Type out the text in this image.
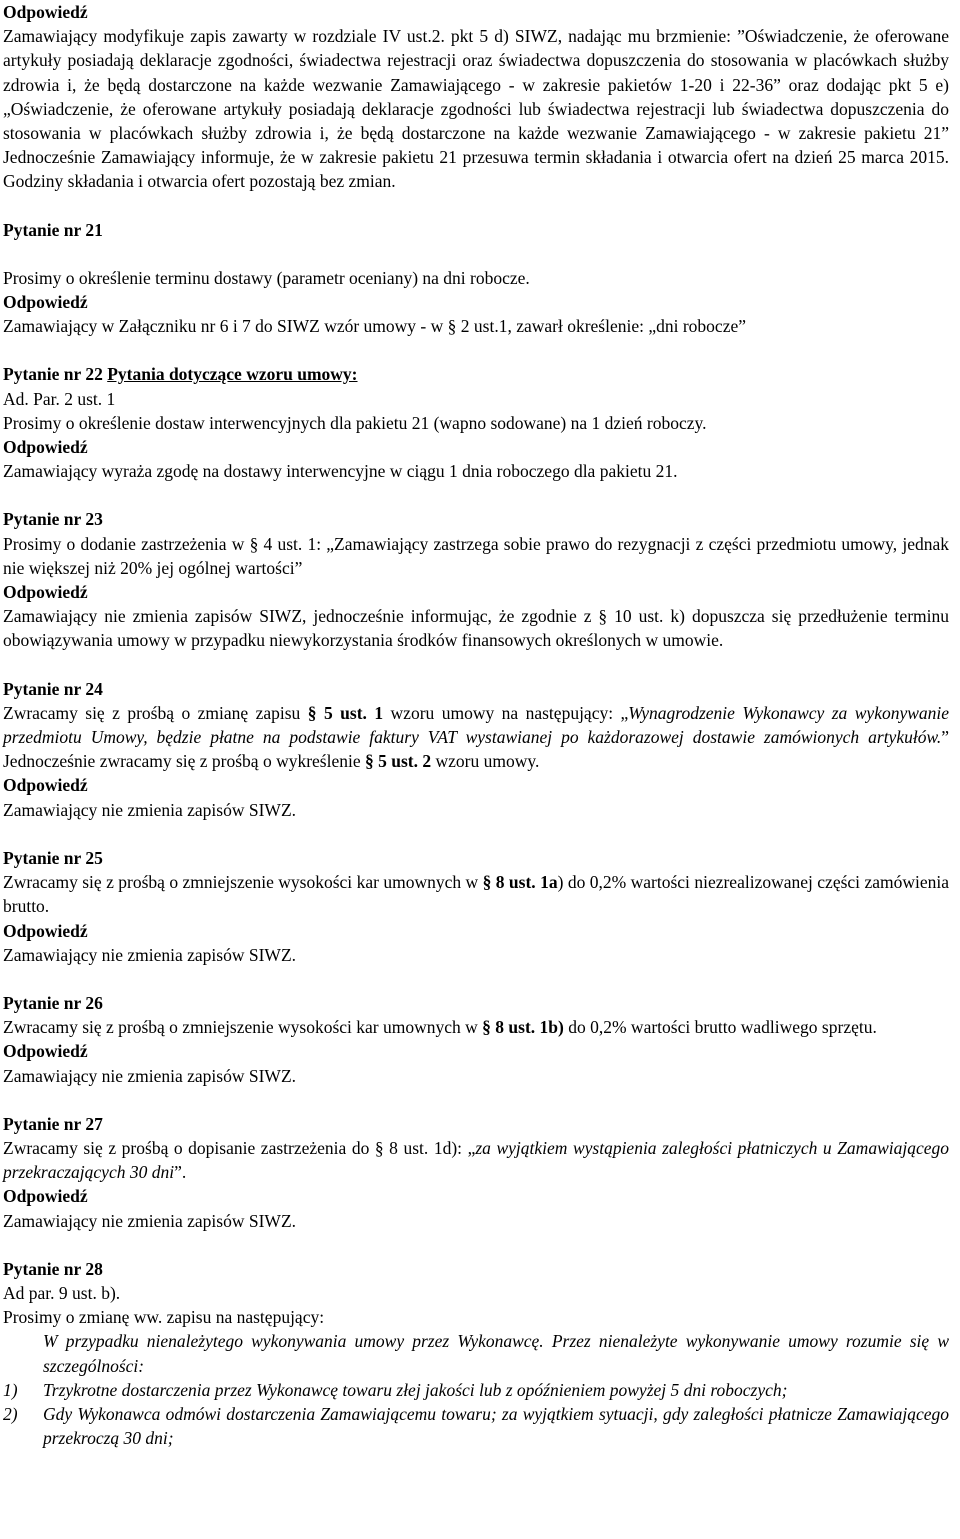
Odpowiedź

Zamawiający modyfikuje zapis zawarty w rozdziale IV ust.2. pkt 5 d) SIWZ, nadając mu brzmienie: ”Oświadczenie, że oferowane artykuły posiadają deklaracje zgodności, świadectwa rejestracji oraz świadectwa dopuszczenia do stosowania w placówkach służby zdrowia i, że będą dostarczone na każde wezwanie Zamawiającego - w zakresie pakietów 1-20 i 22-36” oraz dodając pkt 5 e) „Oświadczenie, że oferowane artykuły posiadają deklaracje zgodności lub świadectwa rejestracji lub świadectwa dopuszczenia do stosowania w placówkach służby zdrowia i, że będą dostarczone na każde wezwanie Zamawiającego - w zakresie pakietu 21” Jednocześnie Zamawiający informuje, że w zakresie pakietu 21 przesuwa termin składania i otwarcia ofert na dzień 25 marca 2015. Godziny składania i otwarcia ofert pozostają bez zmian.

Pytanie nr 21

Prosimy o określenie terminu dostawy (parametr oceniany) na dni robocze.

Odpowiedź

Zamawiający w Załączniku nr 6 i 7 do SIWZ wzór umowy - w § 2 ust.1, zawarł określenie: „dni robocze”

Pytanie nr 22 Pytania dotyczące wzoru umowy:

Ad. Par. 2 ust. 1

Prosimy o określenie dostaw interwencyjnych dla pakietu 21 (wapno sodowane) na 1 dzień roboczy.

Odpowiedź

Zamawiający wyraża zgodę na dostawy interwencyjne w ciągu 1 dnia roboczego dla pakietu 21.

Pytanie nr 23

Prosimy o dodanie zastrzeżenia w § 4 ust. 1: „Zamawiający zastrzega sobie prawo do rezygnacji z części przedmiotu umowy, jednak nie większej niż 20% jej ogólnej wartości”

Odpowiedź

Zamawiający nie zmienia zapisów SIWZ, jednocześnie informując, że zgodnie z § 10 ust. k) dopuszcza się przedłużenie terminu obowiązywania umowy w przypadku niewykorzystania środków finansowych określonych w umowie.

Pytanie nr 24

Zwracamy się z prośbą o zmianę zapisu § 5 ust. 1 wzoru umowy na następujący: „Wynagrodzenie Wykonawcy za wykonywanie przedmiotu Umowy, będzie płatne na podstawie faktury VAT wystawianej po każdorazowej dostawie zamówionych artykułów.” Jednocześnie zwracamy się z prośbą o wykreślenie § 5 ust. 2 wzoru umowy.

Odpowiedź

Zamawiający nie zmienia zapisów SIWZ.

Pytanie nr 25

Zwracamy się z prośbą o zmniejszenie wysokości kar umownych w § 8 ust. 1a) do 0,2% wartości niezrealizowanej części zamówienia brutto.

Odpowiedź

Zamawiający nie zmienia zapisów SIWZ.

Pytanie nr 26

Zwracamy się z prośbą o zmniejszenie wysokości kar umownych w § 8 ust. 1b) do 0,2% wartości brutto wadliwego sprzętu.

Odpowiedź

Zamawiający nie zmienia zapisów SIWZ.

Pytanie nr 27

Zwracamy się z prośbą o dopisanie zastrzeżenia do § 8 ust. 1d): „za wyjątkiem wystąpienia zaległości płatniczych u Zamawiającego przekraczających 30 dni”.

Odpowiedź

Zamawiający nie zmienia zapisów SIWZ.

Pytanie nr 28

Ad par. 9 ust. b).

Prosimy o zmianę ww. zapisu na następujący:

W przypadku nienależytego wykonywania umowy przez Wykonawcę. Przez nienależyte wykonywanie umowy rozumie się w szczególności:

1)	Trzykrotne dostarczenia przez Wykonawcę towaru złej jakości lub z opóźnieniem powyżej 5 dni roboczych;
2)	Gdy Wykonawca odmówi dostarczenia Zamawiającemu towaru; za wyjątkiem sytuacji, gdy zaległości płatnicze Zamawiającego przekroczą 30 dni;
